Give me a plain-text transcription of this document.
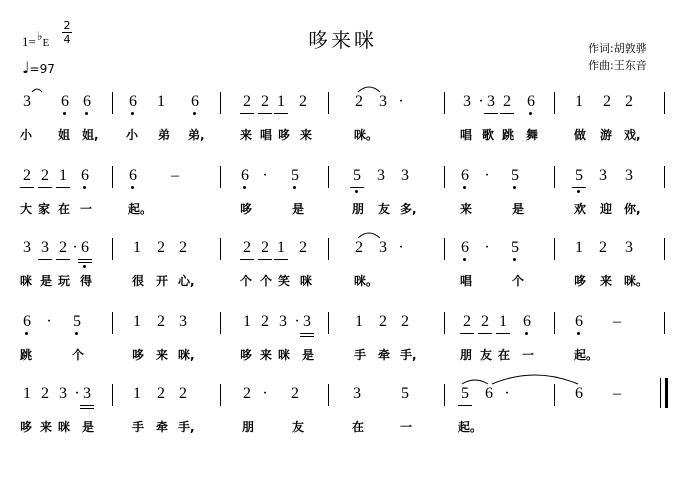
哆来咪
1=♭E
2
4
♩=97
作词:胡敦骅
作曲:王东音
3 6 6 6 1 6	2 2 1 2	2 3 ·	3 · 3 2 6	1 2 2
小 姐 姐, 小 弟 弟,	来 唱 哆 来	咪。	唱 歌 跳 舞	做 游 戏,
2 2 1 6	6 –	6 · 5	5 3 3	6 · 5	5 3 3
大 家 在 一	起。	哆	是	朋 友 多,	来	是	欢 迎 你,
3 3 2 · 6	1 2 2	2 2 1 2	2 3 ·	6 · 5	1 2 3
咪 是 玩 得	很 开 心,	个 个 笑 咪	咪。	唱	个	哆 来 咪。
6 · 5	1 2 3	1 2 3 · 3	1 2 2	2 2 1 6	6 –
跳	个	哆 来 咪,	哆 来 咪 是	手 牵 手,	朋 友 在 一	起。
1 2 3 · 3	1 2 2	2 · 2	3	5	5 6 ·	6 –
哆 来 咪 是	手 牵 手,	朋	友	在	一	起。
